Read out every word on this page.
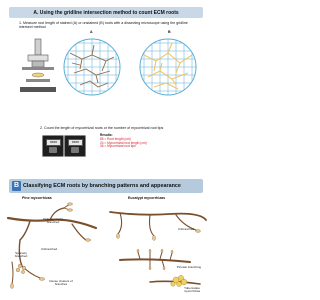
A. Using the gridline intersection method to count ECM roots
1. Measure root length of stained (A) or unstained (B) roots with a dissecting microscope using the gridline intersect method
A	B
2. Count the length of mycorrhizal roots or the number of mycorrhizal root tips
0000	0000
Results:
85 = Root length (cm)
24 = Mycorrhizal root length (cm)
36 = Mycorrhizal root tips
B Classifying ECM roots by branching patterns and appearance
Pine mycorrhizas	Eucalypt mycorrhizas
Dichotomously branched
Unbranched
Sparsely branched
Dense clusters of branches
Unbranched
Pinnate branching
Tuberculate mycorrhizas
